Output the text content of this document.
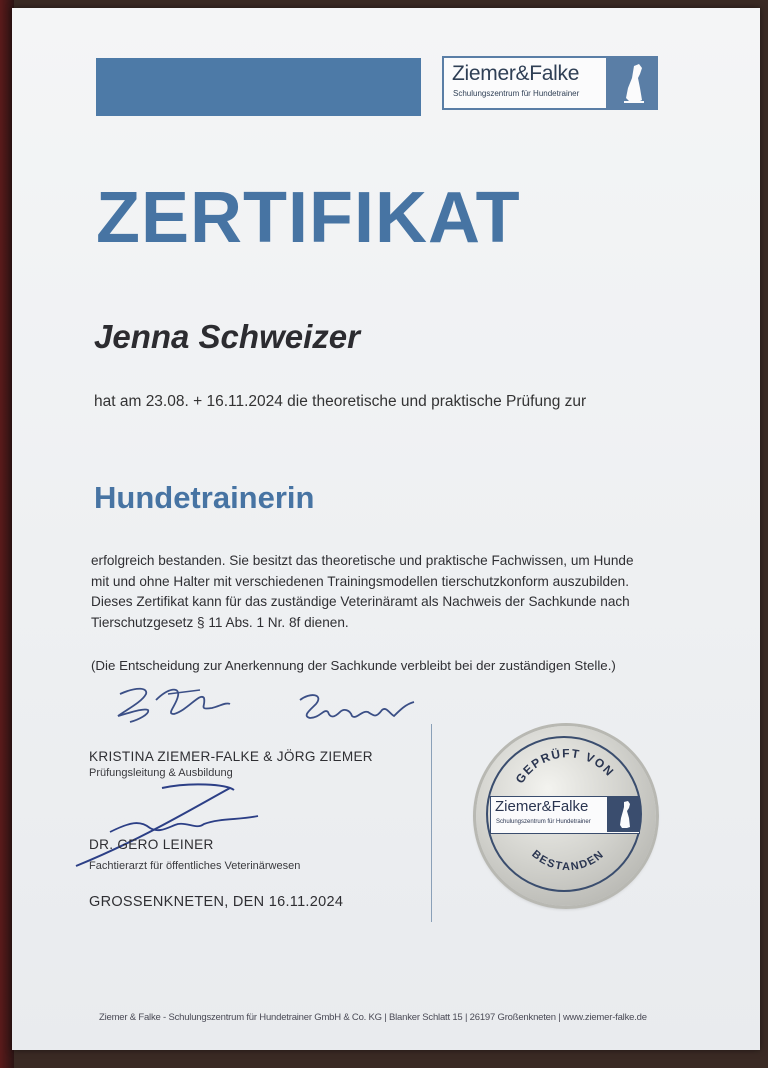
Ziemer&Falke
Schulungszentrum für Hundetrainer
ZERTIFIKAT
Jenna Schweizer
hat am 23.08. + 16.11.2024 die theoretische und praktische Prüfung zur
Hundetrainerin
erfolgreich bestanden. Sie besitzt das theoretische und praktische Fachwissen, um Hunde mit und ohne Halter mit verschiedenen Trainingsmodellen tierschutzkonform auszubilden. Dieses Zertifikat kann für das zuständige Veterinäramt als Nachweis der Sachkunde nach Tierschutzgesetz § 11 Abs. 1 Nr. 8f dienen.
(Die Entscheidung zur Anerkennung der Sachkunde verbleibt bei der zuständigen Stelle.)
KRISTINA ZIEMER-FALKE & JÖRG ZIEMER
Prüfungsleitung & Ausbildung
DR. GERO LEINER
Fachtierarzt für öffentliches Veterinärwesen
GROSSENKNETEN, DEN 16.11.2024
GEPRÜFT VON
BESTANDEN
Ziemer&Falke
Schulungszentrum für Hundetrainer
Ziemer & Falke - Schulungszentrum für Hundetrainer GmbH & Co. KG | Blanker Schlatt 15 | 26197 Großenkneten | www.ziemer-falke.de
